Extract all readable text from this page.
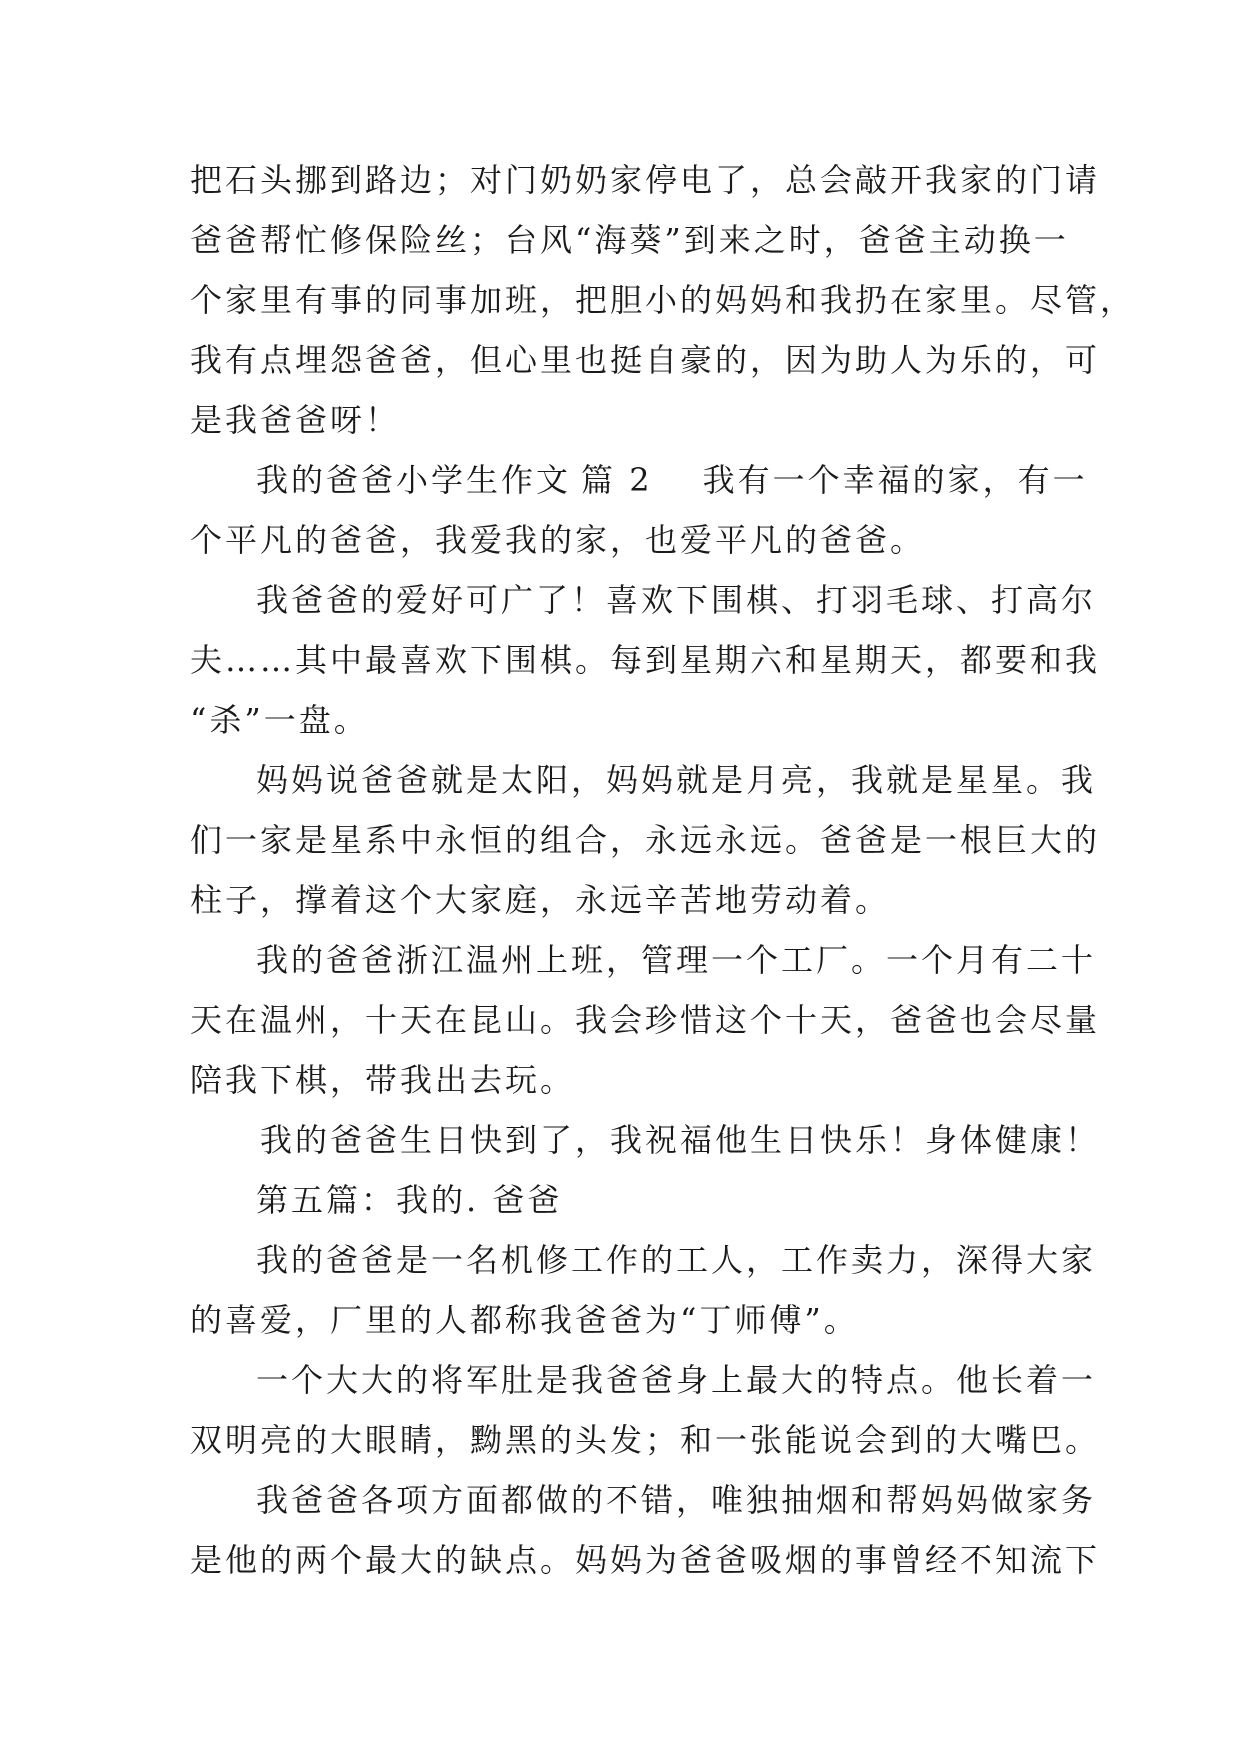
把石头挪到路边；对门奶奶家停电了，总会敲开我家的门请
爸爸帮忙修保险丝；台风“海葵”到来之时，爸爸主动换一
个家里有事的同事加班，把胆小的妈妈和我扔在家里。尽管，
我有点埋怨爸爸，但心里也挺自豪的，因为助人为乐的，可
是我爸爸呀！
我的爸爸小学生作文 篇 2 我有一个幸福的家，有一
个平凡的爸爸，我爱我的家，也爱平凡的爸爸。
我爸爸的爱好可广了！喜欢下围棋、打羽毛球、打高尔
夫……其中最喜欢下围棋。每到星期六和星期天，都要和我
“杀”一盘。
妈妈说爸爸就是太阳，妈妈就是月亮，我就是星星。我
们一家是星系中永恒的组合，永远永远。爸爸是一根巨大的
柱子，撑着这个大家庭，永远辛苦地劳动着。
我的爸爸浙江温州上班，管理一个工厂。一个月有二十
天在温州，十天在昆山。我会珍惜这个十天，爸爸也会尽量
陪我下棋，带我出去玩。
我的爸爸生日快到了，我祝福他生日快乐！身体健康！
第五篇：我的. 爸爸
我的爸爸是一名机修工作的工人，工作卖力，深得大家
的喜爱，厂里的人都称我爸爸为“丁师傅”。
一个大大的将军肚是我爸爸身上最大的特点。他长着一
双明亮的大眼睛，黝黑的头发；和一张能说会到的大嘴巴。
我爸爸各项方面都做的不错，唯独抽烟和帮妈妈做家务
是他的两个最大的缺点。妈妈为爸爸吸烟的事曾经不知流下
